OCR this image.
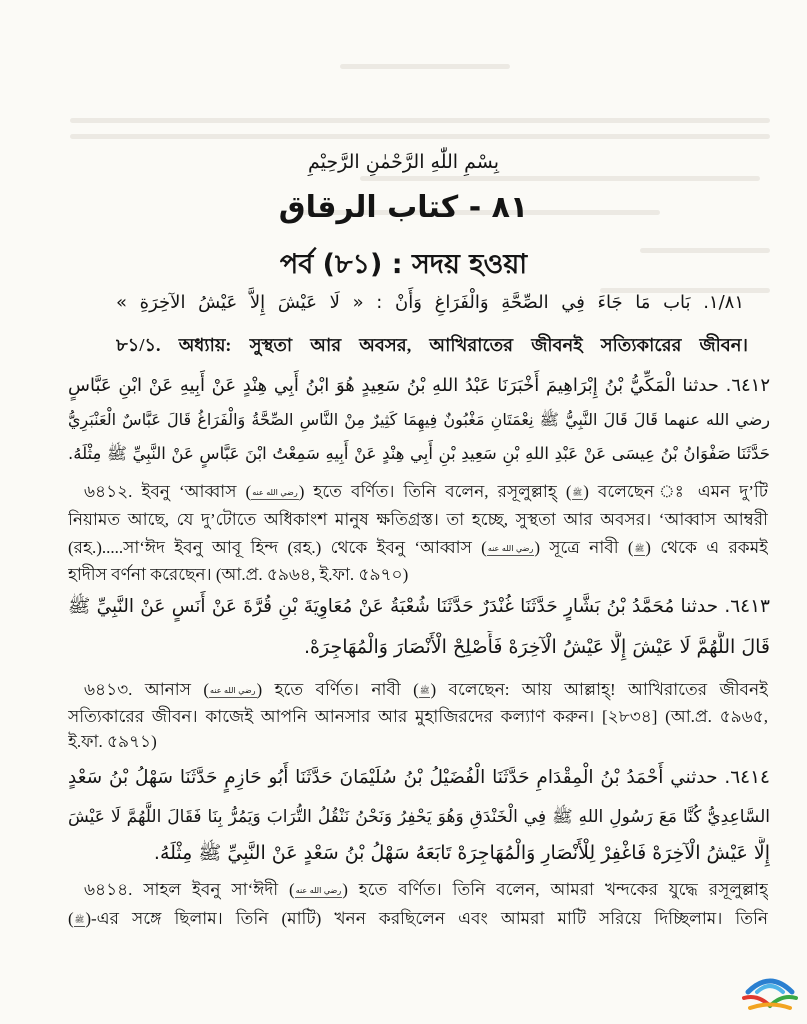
بِسْمِ اللّٰهِ الرَّحْمٰنِ الرَّحِيْمِ
٨١ - كتاب الرقاق
পর্ব (৮১) : সদয় হওয়া
١/٨١. بَاب مَا جَاءَ فِي الصِّحَّةِ وَالْفَرَاغِ وَأَنْ : « لَا عَيْشَ إِلاَّ عَيْشُ الآخِرَةِ »
৮১/১. অধ্যায়: সুস্থতা আর অবসর, আখিরাতের জীবনই সত্যিকারের জীবন।
٦٤١٢. حدثنا الْمَكِّيُّ بْنُ إِبْرَاهِيمَ أَخْبَرَنَا عَبْدُ اللهِ بْنُ سَعِيدٍ هُوَ ابْنُ أَبِي هِنْدٍ عَنْ أَبِيهِ عَنْ ابْنِ عَبَّاسٍ
رضي الله عنهما قَالَ قَالَ النَّبِيُّ ﷺ نِعْمَتَانِ مَغْبُونٌ فِيهِمَا كَثِيرٌ مِنْ النَّاسِ الصِّحَّةُ وَالْفَرَاغُ قَالَ عَبَّاسٌ الْعَنْبَرِيُّ
حَدَّثَنَا صَفْوَانُ بْنُ عِيسَى عَنْ عَبْدِ اللهِ بْنِ سَعِيدِ بْنِ أَبِي هِنْدٍ عَنْ أَبِيهِ سَمِعْتُ ابْنَ عَبَّاسٍ عَنْ النَّبِيِّ ﷺ مِثْلَهُ.
৬৪১২. ইবনু ‘আব্বাস (رضي الله عنه) হতে বর্ণিত। তিনি বলেন, রসূলুল্লাহ্ (ﷺ) বলেছেন ঃ এমন দু’টি
নিয়ামত আছে, যে দু’টোতে অধিকাংশ মানুষ ক্ষতিগ্রস্ত। তা হচ্ছে, সুস্থতা আর অবসর। ‘আব্বাস আম্বরী
(রহ.).....সা‘ঈদ ইবনু আবূ হিন্দ (রহ.) থেকে ইবনু ‘আব্বাস (رضي الله عنه) সূত্রে নাবী (ﷺ) থেকে এ রকমই
হাদীস বর্ণনা করেছেন। (আ.প্র. ৫৯৬৪, ই.ফা. ৫৯৭০)
٦٤١٣. حدثنا مُحَمَّدُ بْنُ بَشَّارٍ حَدَّثَنَا غُنْدَرٌ حَدَّثَنَا شُعْبَةُ عَنْ مُعَاوِيَةَ بْنِ قُرَّةَ عَنْ أَنَسٍ عَنْ النَّبِيِّ ﷺ
قَالَ اللَّهُمَّ لَا عَيْشَ إِلَّا عَيْشُ الْآخِرَهْ فَأَصْلِحْ الْأَنْصَارَ وَالْمُهَاجِرَهْ.
৬৪১৩. আনাস (رضي الله عنه) হতে বর্ণিত। নাবী (ﷺ) বলেছেন: আয় আল্লাহ্! আখিরাতের জীবনই
সত্যিকারের জীবন। কাজেই আপনি আনসার আর মুহাজিরদের কল্যাণ করুন। [২৮৩৪] (আ.প্র. ৫৯৬৫,
ই.ফা. ৫৯৭১)
٦٤١٤. حدثني أَحْمَدُ بْنُ الْمِقْدَامِ حَدَّثَنَا الْفُضَيْلُ بْنُ سُلَيْمَانَ حَدَّثَنَا أَبُو حَازِمٍ حَدَّثَنَا سَهْلُ بْنُ سَعْدٍ
السَّاعِدِيُّ كُنَّا مَعَ رَسُولِ اللهِ ﷺ فِي الْخَنْدَقِ وَهُوَ يَحْفِرُ وَنَحْنُ نَنْقُلُ التُّرَابَ وَيَمُرُّ بِنَا فَقَالَ اللَّهُمَّ لَا عَيْشَ
إِلَّا عَيْشُ الْآخِرَهْ فَاغْفِرْ لِلْأَنْصَارِ وَالْمُهَاجِرَهْ تَابَعَهُ سَهْلُ بْنُ سَعْدٍ عَنْ النَّبِيِّ ﷺ مِثْلَهُ.
৬৪১৪. সাহল ইবনু সা‘ঈদী (رضي الله عنه) হতে বর্ণিত। তিনি বলেন, আমরা খন্দকের যুদ্ধে রসূলুল্লাহ্
(ﷺ)-এর সঙ্গে ছিলাম। তিনি (মাটি) খনন করছিলেন এবং আমরা মাটি সরিয়ে দিচ্ছিলাম। তিনি
